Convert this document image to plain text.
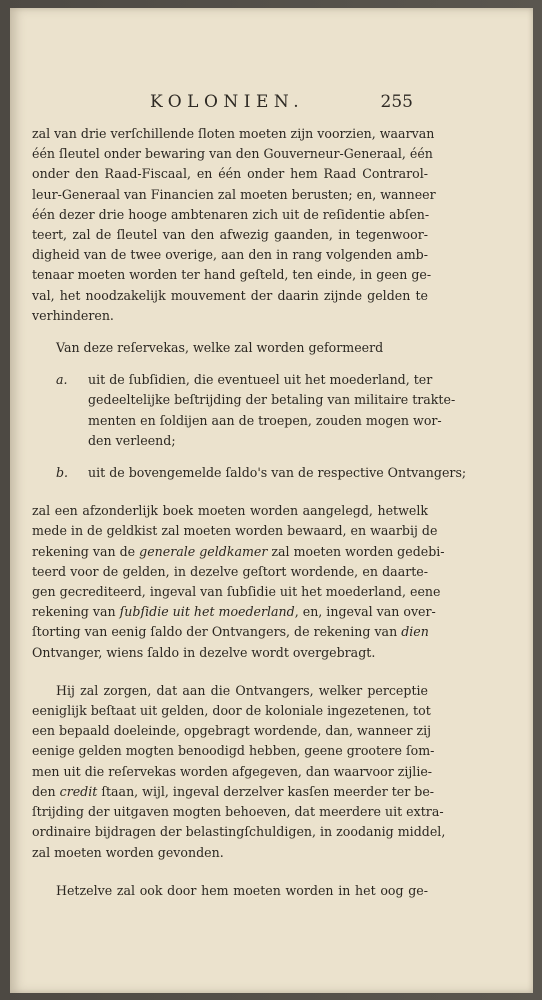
KOLONIEN.	255
zal van drie verſchillende ſloten moeten zijn voorzien, waarvan
één ſleutel onder bewaring van den Gouverneur-Generaal, één
onder den Raad-Fiscaal, en één onder hem Raad Contrarol-
leur-Generaal van Financien zal moeten berusten; en, wanneer
één dezer drie hooge ambtenaren zich uit de reſidentie abſen-
teert, zal de ſleutel van den afwezig gaanden, in tegenwoor-
digheid van de twee overige, aan den in rang volgenden amb-
tenaar moeten worden ter hand geſteld, ten einde, in geen ge-
val, het noodzakelijk mouvement der daarin zijnde gelden te
verhinderen.
Van deze reſervekas, welke zal worden geformeerd
a. uit de ſubſidien, die eventueel uit het moederland, ter
gedeeltelijke beſtrijding der betaling van militaire trakte-
menten en ſoldijen aan de troepen, zouden mogen wor-
den verleend;
b. uit de bovengemelde ſaldo's van de respective Ontvangers;
zal een afzonderlijk boek moeten worden aangelegd, hetwelk
mede in de geldkist zal moeten worden bewaard, en waarbij de
rekening van de generale geldkamer zal moeten worden gedebi-
teerd voor de gelden, in dezelve geſtort wordende, en daarte-
gen gecrediteerd, ingeval van ſubſidie uit het moederland, eene
rekening van ſubſidie uit het moederland, en, ingeval van over-
ſtorting van eenig ſaldo der Ontvangers, de rekening van dien
Ontvanger, wiens ſaldo in dezelve wordt overgebragt.
Hij zal zorgen, dat aan die Ontvangers, welker perceptie
eeniglijk beſtaat uit gelden, door de koloniale ingezetenen, tot
een bepaald doeleinde, opgebragt wordende, dan, wanneer zij
eenige gelden mogten benoodigd hebben, geene grootere ſom-
men uit die reſervekas worden afgegeven, dan waarvoor zijlie-
den credit ſtaan, wijl, ingeval derzelver kasſen meerder ter be-
ſtrijding der uitgaven mogten behoeven, dat meerdere uit extra-
ordinaire bijdragen der belastingſchuldigen, in zoodanig middel,
zal moeten worden gevonden.
Hetzelve zal ook door hem moeten worden in het oog ge-
